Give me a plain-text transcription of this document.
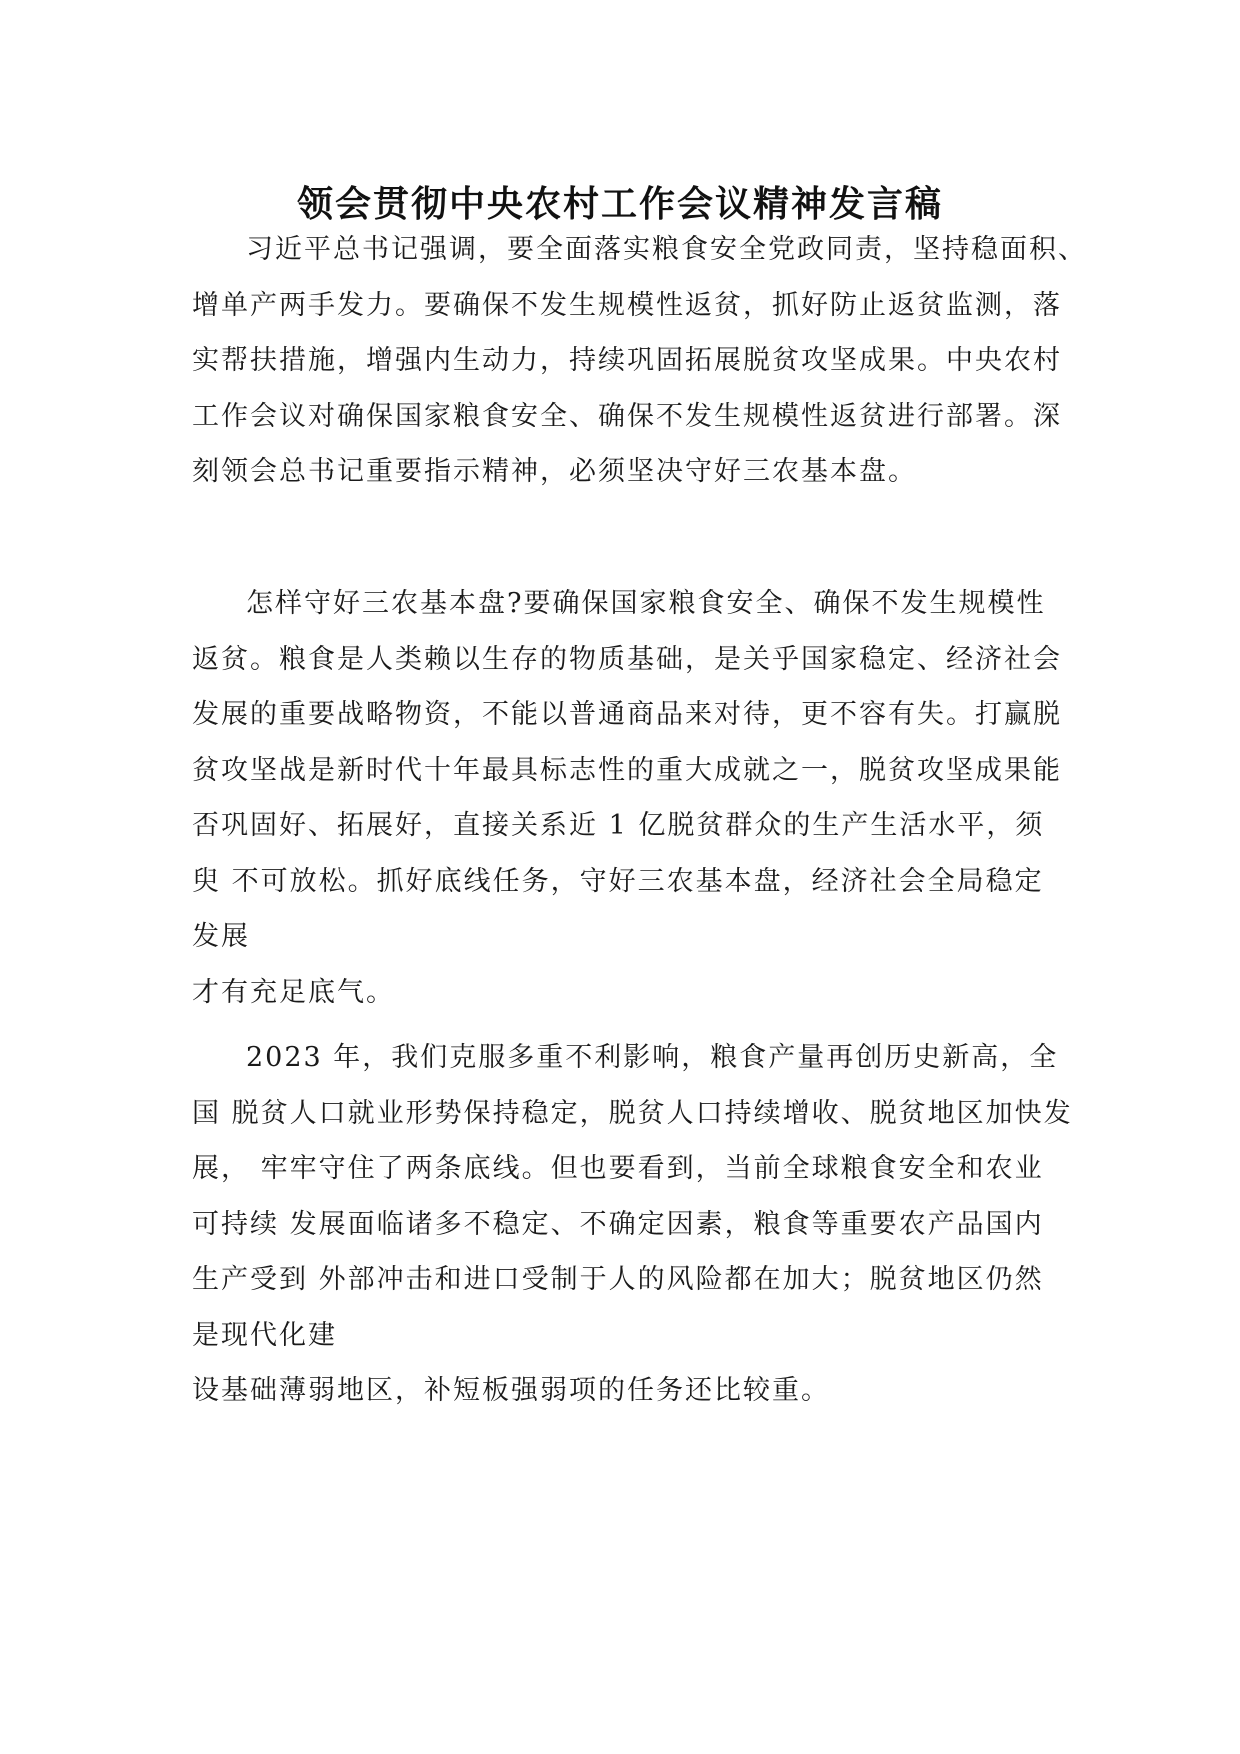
领会贯彻中央农村工作会议精神发言稿
习近平总书记强调，要全面落实粮食安全党政同责，坚持稳面积、
增单产两手发力。要确保不发生规模性返贫，抓好防止返贫监测，落
实帮扶措施，增强内生动力，持续巩固拓展脱贫攻坚成果。中央农村
工作会议对确保国家粮食安全、确保不发生规模性返贫进行部署。深
刻领会总书记重要指示精神，必须坚决守好三农基本盘。
怎样守好三农基本盘?要确保国家粮食安全、确保不发生规模性
返贫。粮食是人类赖以生存的物质基础，是关乎国家稳定、经济社会
发展的重要战略物资，不能以普通商品来对待，更不容有失。打赢脱
贫攻坚战是新时代十年最具标志性的重大成就之一，脱贫攻坚成果能
否巩固好、拓展好，直接关系近 1 亿脱贫群众的生产生活水平，须
臾 不可放松。抓好底线任务，守好三农基本盘，经济社会全局稳定
发展
才有充足底气。
2023 年，我们克服多重不利影响，粮食产量再创历史新高，全
国 脱贫人口就业形势保持稳定，脱贫人口持续增收、脱贫地区加快发
展， 牢牢守住了两条底线。但也要看到，当前全球粮食安全和农业
可持续 发展面临诸多不稳定、不确定因素，粮食等重要农产品国内
生产受到 外部冲击和进口受制于人的风险都在加大；脱贫地区仍然
是现代化建
设基础薄弱地区，补短板强弱项的任务还比较重。
